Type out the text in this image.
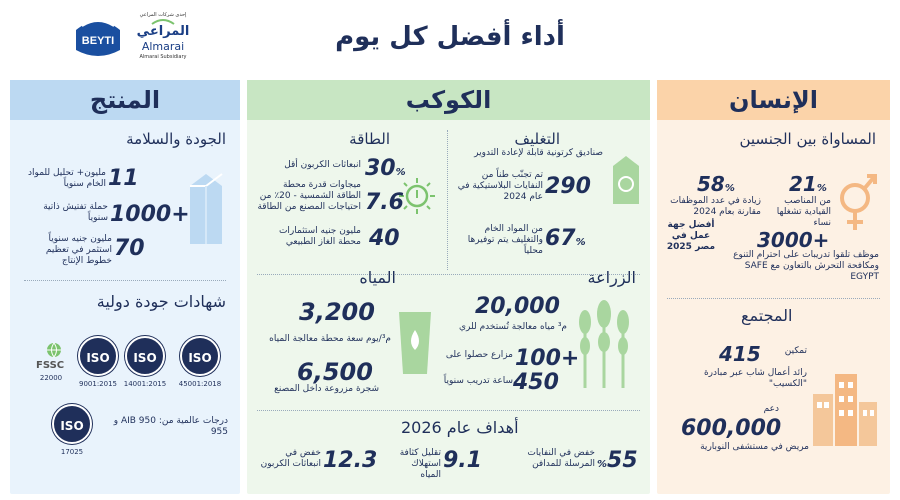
BEYTI
إحدى شركات المراعي
المراعي
Almarai
Almarai Subsidiary
أداء أفضل كل يوم
المنتج
الجودة والسلامة
11
مليون+ تحليل للمواد الخام سنوياً
1000+
حملة تفتيش ذاتية سنوياً
70
مليون جنيه سنوياً استثمر في تعظيم خطوط الإنتاج
شهادات جودة دولية
ISO
45001:2018
ISO
14001:2015
ISO
9001:2015
FSSC
22000
ISO
17025
درجات عالمية من: AIB 950 و 955
الكوكب
التغليف
صناديق كرتونية قابلة لإعادة التدوير
290
تم تجنّب طناً من النفايات البلاستيكية في عام 2024
67%
من المواد الخام والتغليف يتم توفيرها محلياً
الطاقة
30%
انبعاثات الكربون أقل
7.6
ميجاوات قدرة محطة الطاقة الشمسية - 20٪ من احتياجات المصنع من الطاقة
40
مليون جنيه استثمارات محطة الغاز الطبيعي
الزراعة
20,000
م³ مياه معالجة تُستخدم للري
100+
مزارع حصلوا على
450
ساعة تدريب سنوياً
المياه
3,200
م³/يوم سعة محطة معالجة المياه
6,500
شجرة مزروعة داخل المصنع
أهداف عام 2026
%55
خفض في النفايات المرسلة للمدافن
9.1
تقليل كثافة استهلاك المياه
12.3
خفض في انبعاثات الكربون
الإنسان
المساواة بين الجنسين
21%
من المناصب القيادية تشغلها نساء
58%
زيادة في عدد الموظفات مقارنة بعام 2024
أفضل جهة عمل في مصر 2025 3000+
موظف تلقوا تدريبات على احترام التنوع ومكافحة التحرش بالتعاون مع SAFE EGYPT
المجتمع
415	تمكين
رائد أعمال شاب عبر مبادرة "الكسيب"
دعم
600,000
مريض في مستشفى النوبارية
